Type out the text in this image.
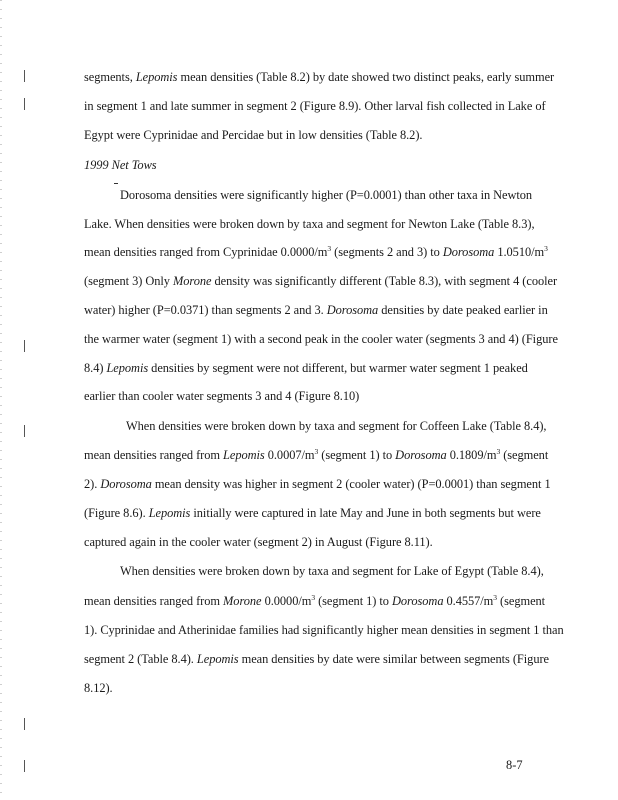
segments, Lepomis mean densities (Table 8.2) by date showed two distinct peaks, early summer
in segment 1 and late summer in segment 2 (Figure 8.9). Other larval fish collected in Lake of
Egypt were Cyprinidae and Percidae but in low densities (Table 8.2).
1999 Net Tows
Dorosoma densities were significantly higher (P=0.0001) than other taxa in Newton
Lake. When densities were broken down by taxa and segment for Newton Lake (Table 8.3),
mean densities ranged from Cyprinidae $0.0000/m^3$ (segments 2 and 3) to Dorosoma $1.0510/m^3$
(segment 3) Only Morone density was significantly different (Table 8.3), with segment 4 (cooler
water) higher (P=0.0371) than segments 2 and 3. Dorosoma densities by date peaked earlier in
the warmer water (segment 1) with a second peak in the cooler water (segments 3 and 4) (Figure
8.4) Lepomis densities by segment were not different, but warmer water segment 1 peaked
earlier than cooler water segments 3 and 4 (Figure 8.10)
When densities were broken down by taxa and segment for Coffeen Lake (Table 8.4),
mean densities ranged from Lepomis $0.0007/m^3$ (segment 1) to Dorosoma $0.1809/m^3$ (segment
2). Dorosoma mean density was higher in segment 2 (cooler water) (P=0.0001) than segment 1
(Figure 8.6). Lepomis initially were captured in late May and June in both segments but were
captured again in the cooler water (segment 2) in August (Figure 8.11).
When densities were broken down by taxa and segment for Lake of Egypt (Table 8.4),
mean densities ranged from Morone $0.0000/m^3$ (segment 1) to Dorosoma $0.4557/m^3$ (segment
1). Cyprinidae and Atherinidae families had significantly higher mean densities in segment 1 than
segment 2 (Table 8.4). Lepomis mean densities by date were similar between segments (Figure
8.12).
8-7
